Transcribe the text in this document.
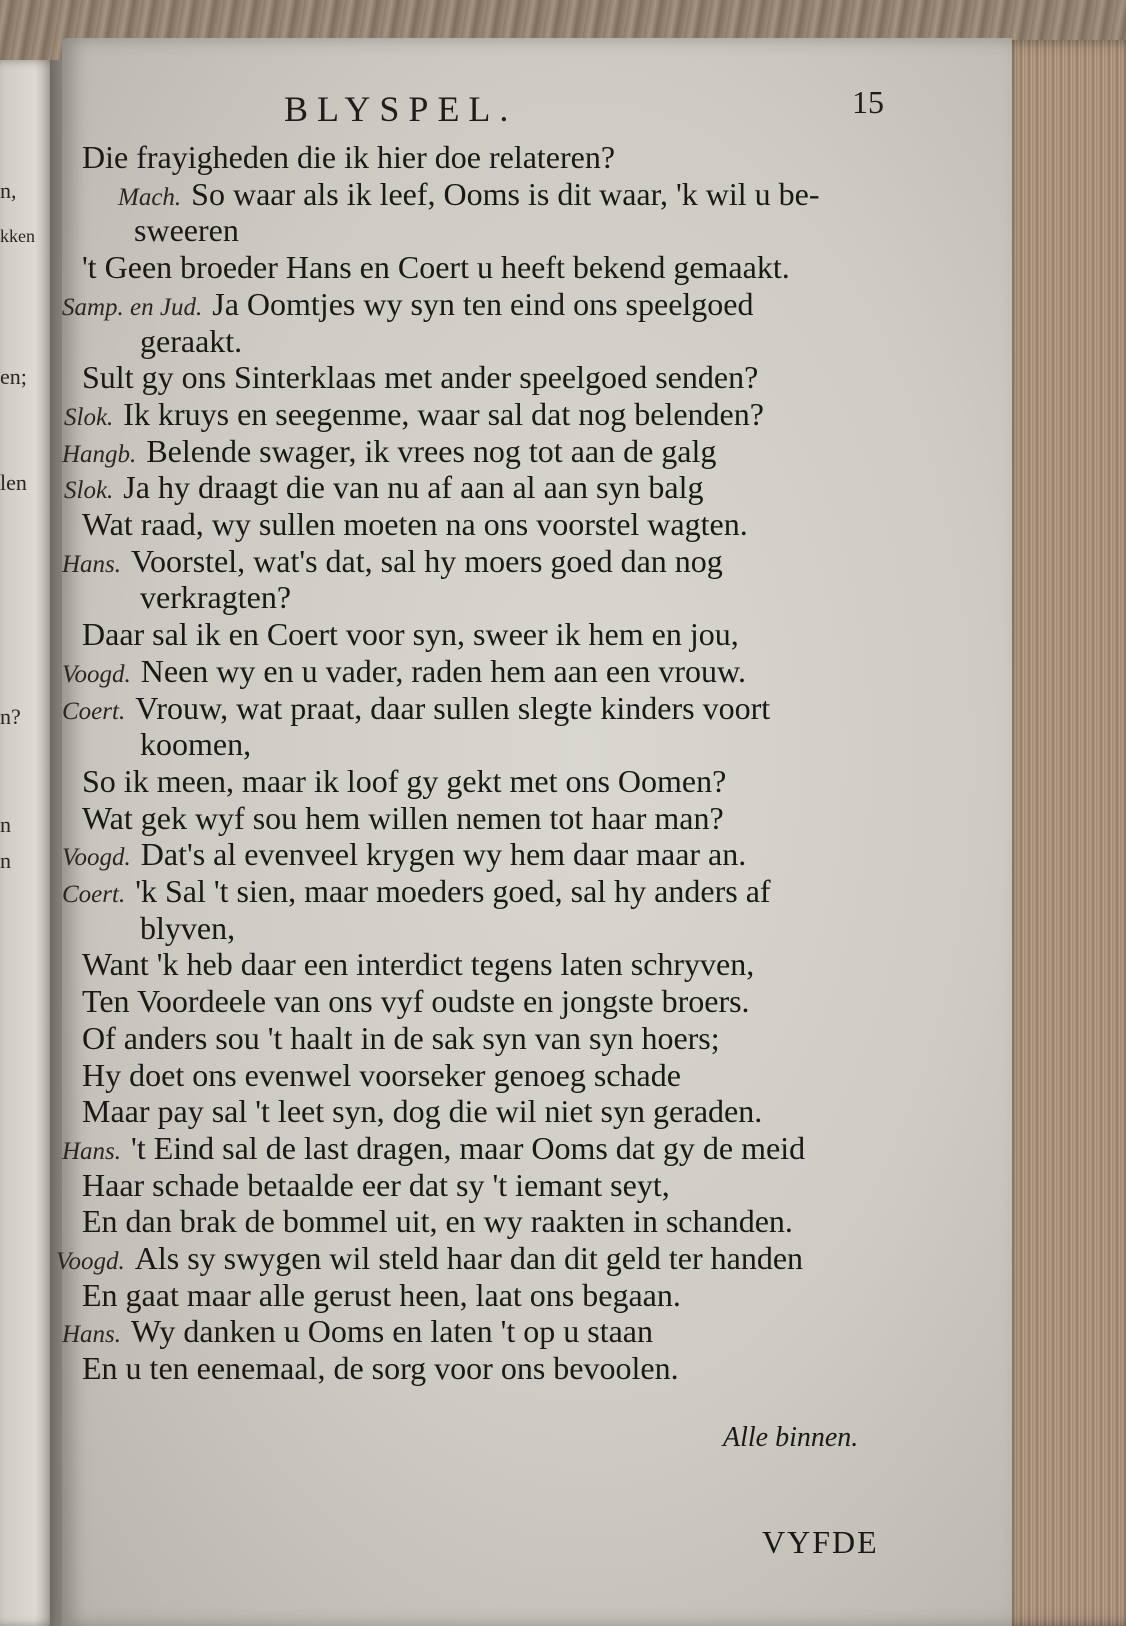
n,
kken
en;
len
n?
n
n
BLYSPEL.	15
Die frayigheden die ik hier doe relateren?
Mach. So waar als ik leef, Ooms is dit waar, 'k wil u be-
sweeren
't Geen broeder Hans en Coert u heeft bekend gemaakt.
Samp. en Jud. Ja Oomtjes wy syn ten eind ons speelgoed
geraakt.
Sult gy ons Sinterklaas met ander speelgoed senden?
Slok. Ik kruys en seegenme, waar sal dat nog belenden?
Hangb. Belende swager, ik vrees nog tot aan de galg
Slok. Ja hy draagt die van nu af aan al aan syn balg
Wat raad, wy sullen moeten na ons voorstel wagten.
Hans. Voorstel, wat's dat, sal hy moers goed dan nog
verkragten?
Daar sal ik en Coert voor syn, sweer ik hem en jou,
Voogd. Neen wy en u vader, raden hem aan een vrouw.
Coert. Vrouw, wat praat, daar sullen slegte kinders voort
koomen,
So ik meen, maar ik loof gy gekt met ons Oomen?
Wat gek wyf sou hem willen nemen tot haar man?
Voogd. Dat's al evenveel krygen wy hem daar maar an.
Coert. 'k Sal 't sien, maar moeders goed, sal hy anders af
blyven,
Want 'k heb daar een interdict tegens laten schryven,
Ten Voordeele van ons vyf oudste en jongste broers.
Of anders sou 't haalt in de sak syn van syn hoers;
Hy doet ons evenwel voorseker genoeg schade
Maar pay sal 't leet syn, dog die wil niet syn geraden.
Hans. 't Eind sal de last dragen, maar Ooms dat gy de meid
Haar schade betaalde eer dat sy 't iemant seyt,
En dan brak de bommel uit, en wy raakten in schanden.
Voogd. Als sy swygen wil steld haar dan dit geld ter handen
En gaat maar alle gerust heen, laat ons begaan.
Hans. Wy danken u Ooms en laten 't op u staan
En u ten eenemaal, de sorg voor ons bevoolen.
Alle binnen.
VYFDE
